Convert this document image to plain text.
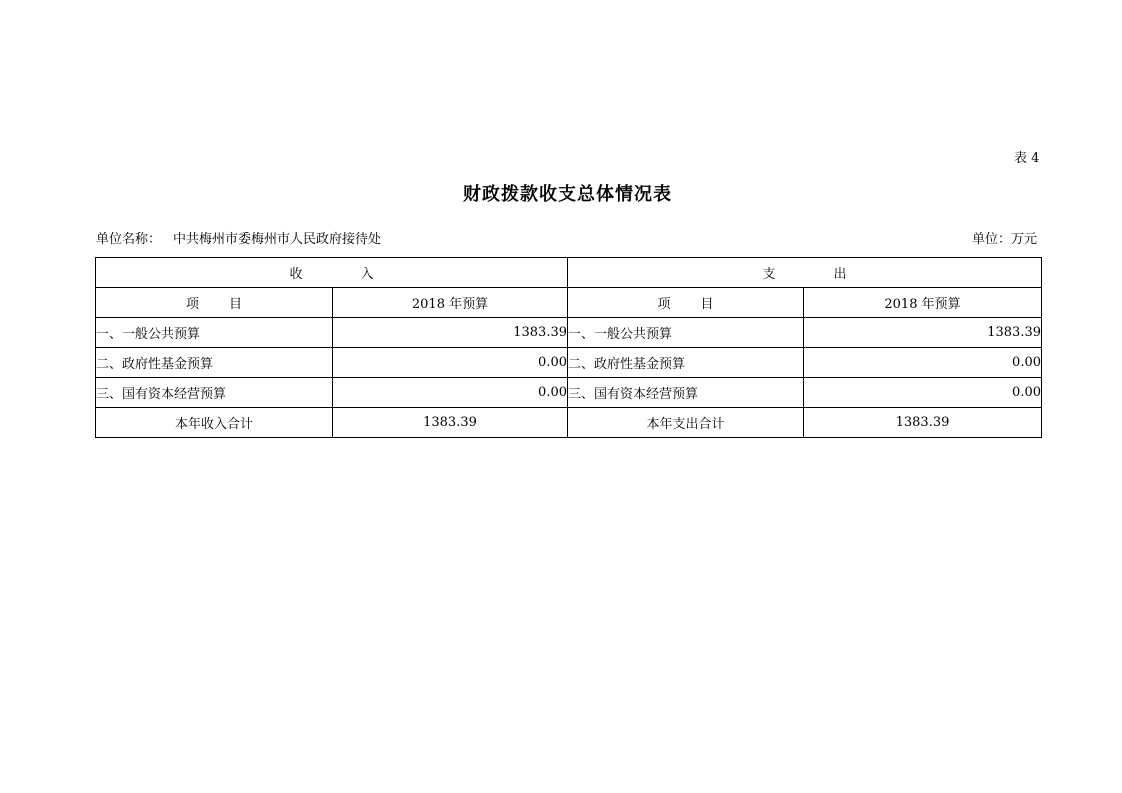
表 4
财政拨款收支总体情况表
单位名称： 中共梅州市委梅州市人民政府接待处	单位：万元
收 入		支 出	
项 目	2018 年预算	项 目	2018 年预算
一、一般公共预算	1383.39	一、一般公共预算	1383.39
二、政府性基金预算	0.00	二、政府性基金预算	0.00
三、国有资本经营预算	0.00	三、国有资本经营预算	0.00
本年收入合计	1383.39	本年支出合计	1383.39
